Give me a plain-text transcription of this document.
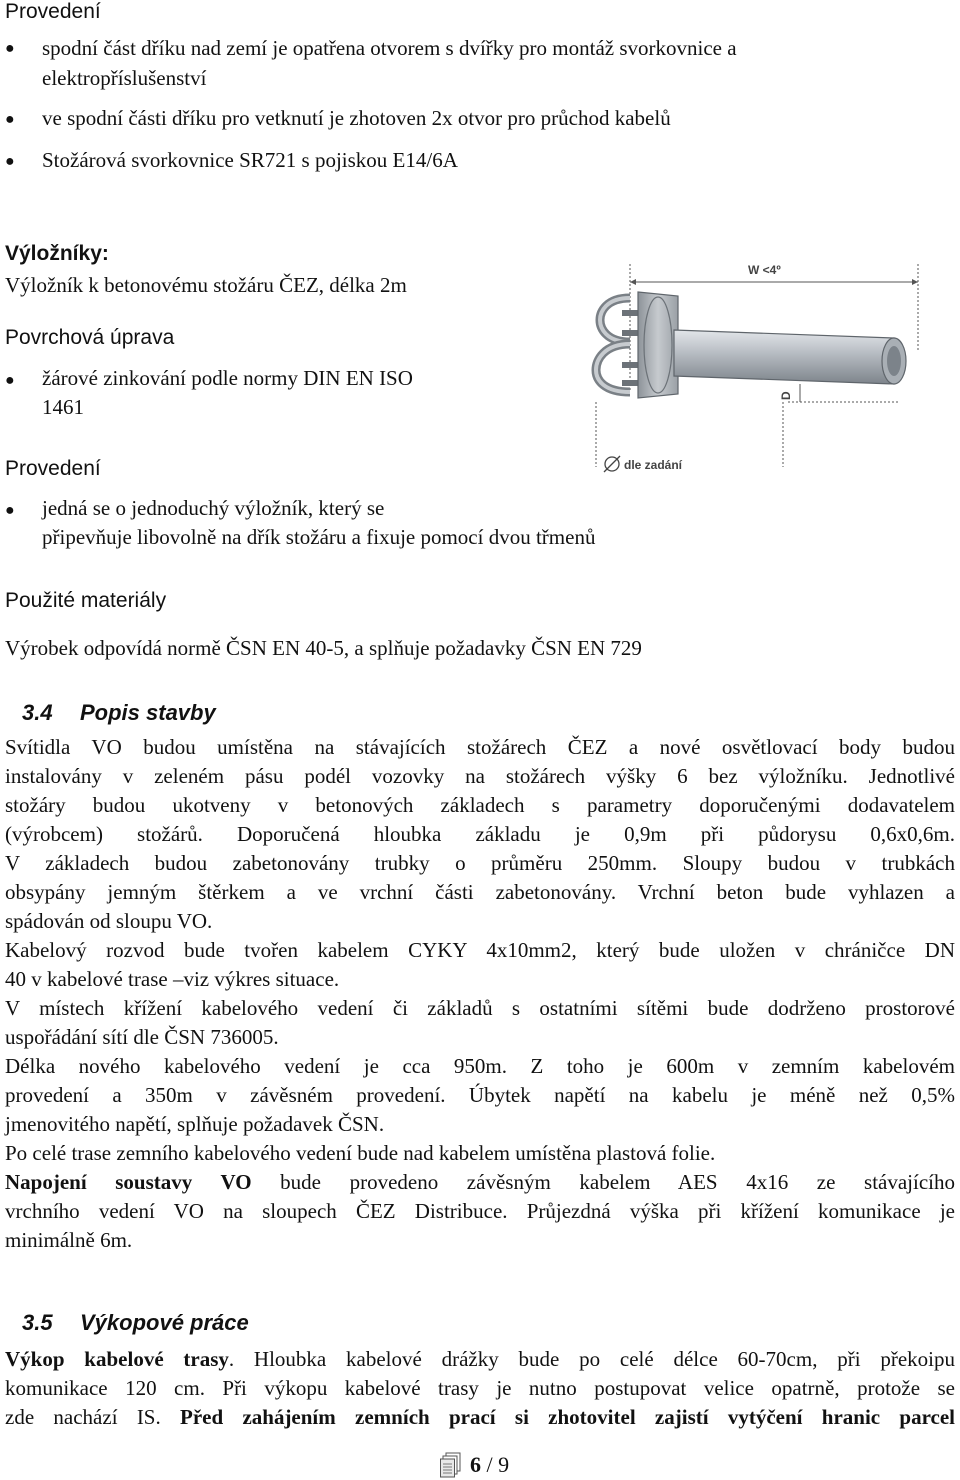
Provedení
● spodní část dříku nad zemí je opatřena otvorem s dvířky pro montáž svorkovnice a
elektropříslušenství
● ve spodní části dříku pro vetknutí je zhotoven 2x otvor pro průchod kabelů
● Stožárová svorkovnice SR721 s pojiskou E14/6A
Výložníky:
Výložník k betonovému stožáru ČEZ, délka 2m
Povrchová úprava
● žárové zinkování podle normy DIN EN ISO
1461
Provedení
● jedná se o jednoduchý výložník, který se
připevňuje libovolně na dřík stožáru a fixuje pomocí dvou třmenů
Použité materiály
Výrobek odpovídá normě ČSN EN 40-5, a splňuje požadavky ČSN EN 729
W <4º
D
dle zadání
3.4 Popis stavby
Svítidla VO budou umístěna na stávajících stožárech ČEZ a nové osvětlovací body budou
instalovány v zeleném pásu podél vozovky na stožárech výšky 6 bez výložníku. Jednotlivé
stožáry budou ukotveny v betonových základech s parametry doporučenými dodavatelem
(výrobcem) stožárů. Doporučená hloubka základu je 0,9m při půdorysu 0,6x0,6m.
V základech budou zabetonovány trubky o průměru 250mm. Sloupy budou v trubkách
obsypány jemným štěrkem a ve vrchní části zabetonovány. Vrchní beton bude vyhlazen a
spádován od sloupu VO.
Kabelový rozvod bude tvořen kabelem CYKY 4x10mm2, který bude uložen v chráničce DN
40 v kabelové trase –viz výkres situace.
V místech křížení kabelového vedení či základů s ostatními sítěmi bude dodrženo prostorové
uspořádání sítí dle ČSN 736005.
Délka nového kabelového vedení je cca 950m. Z toho je 600m v zemním kabelovém
provedení a 350m v závěsném provedení. Úbytek napětí na kabelu je méně než 0,5%
jmenovitého napětí, splňuje požadavek ČSN.
Po celé trase zemního kabelového vedení bude nad kabelem umístěna plastová folie.
Napojení soustavy VO bude provedeno závěsným kabelem AES 4x16 ze stávajícího
vrchního vedení VO na sloupech ČEZ Distribuce. Průjezdná výška při křížení komunikace je
minimálně 6m.
3.5 Výkopové práce
Výkop kabelové trasy. Hloubka kabelové drážky bude po celé délce 60-70cm, při překoipu
komunikace 120 cm. Při výkopu kabelové trasy je nutno postupovat velice opatrně, protože se
zde nachází IS. Před zahájením zemních prací si zhotovitel zajistí vytýčení hranic parcel
6 / 9
